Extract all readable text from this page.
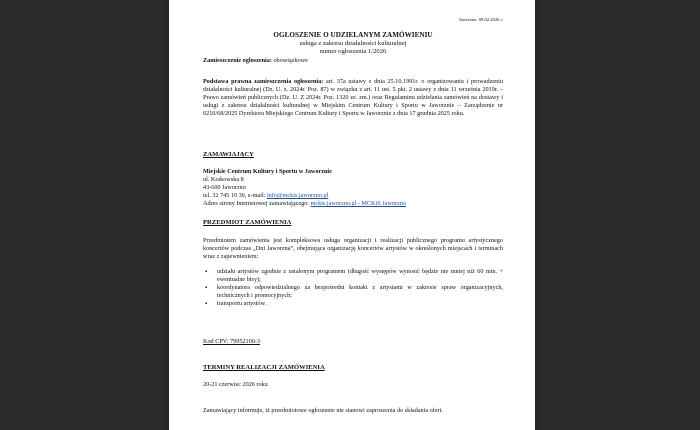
Jaworzno, 09.02.2026 r.
OGŁOSZENIE O UDZIELANYM ZAMÓWIENIU
usługa z zakresu działalności kulturalnej
numer ogłoszenia 1/2026
Zamieszczenie ogłoszenia: obowiązkowe
Podstawa prawna zamieszczenia ogłoszenia: art. 37a ustawy z dnia 25.10.1991r. o organizowaniu i prowadzeniu działalności kulturalnej (Dz. U. z. 2024r. Poz. 87) w związku z art. 11 ust. 5 pkt. 2 ustawy z dnia 11 września 2019r. – Prawo zamówień publicznych (Dz. U. Z 2024r. Poz. 1320 ze. zm.) oraz Regulaminu udzielania zamówień na dostawy i usługi z zakresu działalności kulturalnej w Miejskim Centrum Kultury i Sportu w Jaworznie – Zarządzenie nr 0210/68/2025 Dyrektora Miejskiego Centrum Kultury i Sportu w Jaworznie z dnia 17 grudnia 2025 roku.
ZAMAWIAJĄCY
Miejskie Centrum Kultury i Sportu w Jaworznie
ul. Krakowska 8
43-600 Jaworzno
tel. 32 745 10 30, e-mail: info@mckis.jaworzno.pl
Adres strony Internetowej zamawiającego: mckis.jaworzno.pl - MCKiS Jaworzno
PRZEDMIOT ZAMÓWIENIA
Przedmiotem zamówienia jest kompleksowa usługa organizacji i realizacji publicznego programu artystycznego koncertów podczas „Dni Jaworzna”, obejmująca organizację koncertów artystów w określonych miejscach i terminach wraz z zapewnieniem:
▪ udziału artystów zgodnie z ustalonym programem (długość występów wynosić będzie nie mniej niż 60 min. + ewentualne bisy);
▪ koordynatora odpowiedzialnego za bezpośredni kontakt z artystami w zakresie spraw organizacyjnych, technicznych i promocyjnych;
▪ transportu artystów.
Kod CPV: 79952100-3
TERMINY REALIZACJI ZAMÓWIENIA
20-21 czerwiec 2026 roku
Zamawiający informuje, iż przedmiotowe ogłoszenie nie stanowi zaproszenia do składania ofert.
